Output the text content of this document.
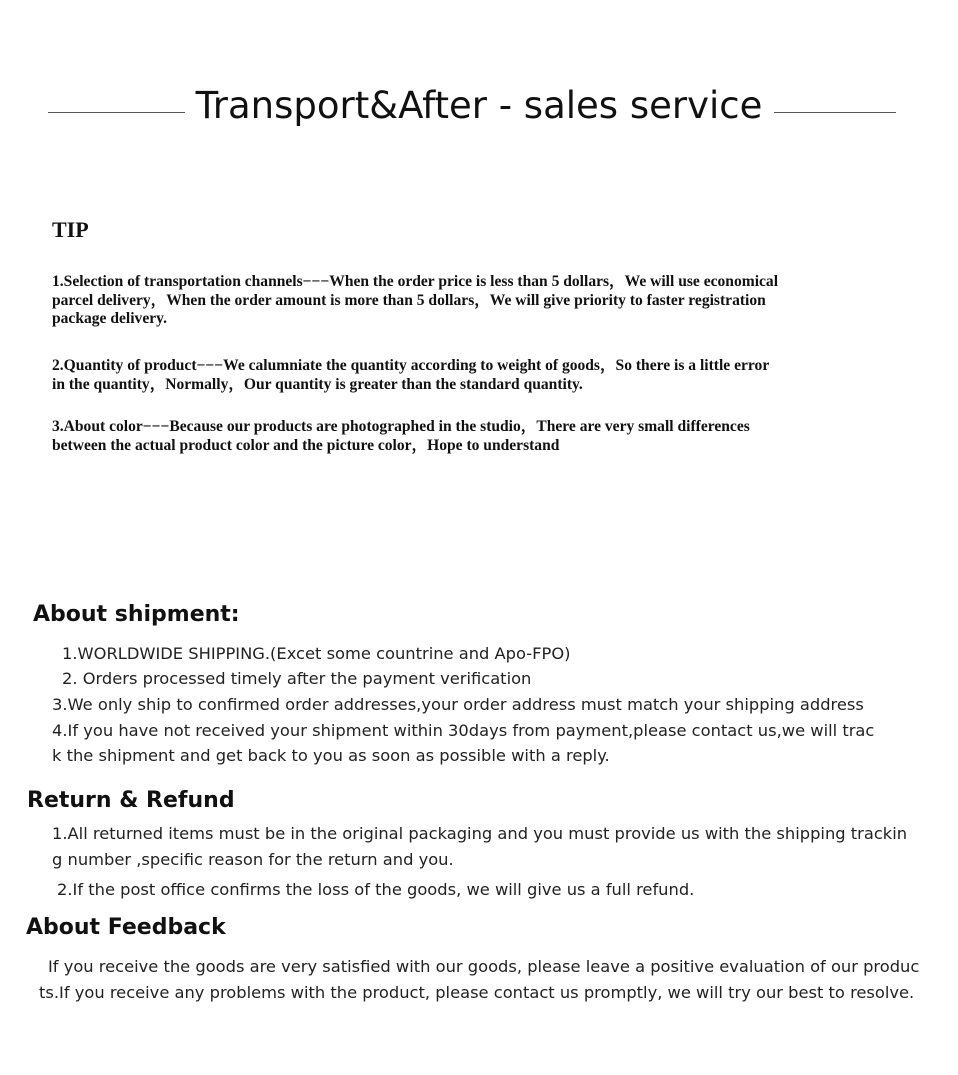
Transport&After - sales service
TIP
1.Selection of transportation channels−−−When the order price is less than 5 dollars，We will use economical
parcel delivery，When the order amount is more than 5 dollars，We will give priority to faster registration
package delivery.
2.Quantity of product−−−We calumniate the quantity according to weight of goods，So there is a little error
in the quantity，Normally，Our quantity is greater than the standard quantity.
3.About color−−−Because our products are photographed in the studio，There are very small differences
between the actual product color and the picture color，Hope to understand
About shipment:
1.WORLDWIDE SHIPPING.(Excet some countrine and Apo-FPO)
2. Orders processed timely after the payment verification
3.We only ship to confirmed order addresses,your order address must match your shipping address
4.If you have not received your shipment within 30days from payment,please contact us,we will trac
k the shipment and get back to you as soon as possible with a reply.
Return & Refund
1.All returned items must be in the original packaging and you must provide us with the shipping trackin
g number ,specific reason for the return and you.
2.If the post office confirms the loss of the goods, we will give us a full refund.
About Feedback
If you receive the goods are very satisfied with our goods, please leave a positive evaluation of our produc
ts.If you receive any problems with the product, please contact us promptly, we will try our best to resolve.
